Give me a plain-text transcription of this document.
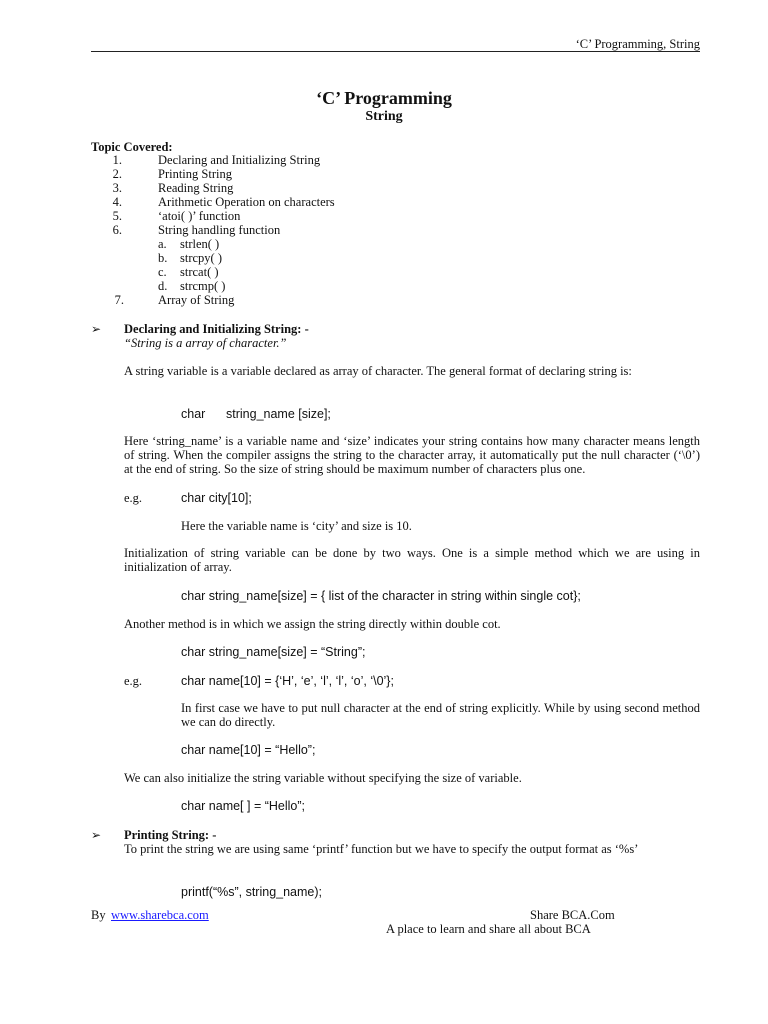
‘C’ Programming, String
‘C’ Programming
String
Topic Covered:
1.	Declaring and Initializing String
2.	Printing String
3.	Reading String
4.	Arithmetic Operation on characters
5.	‘atoi( )’ function
6.	String handling function
a. strlen( )
b. strcpy( )
c. strcat( )
d. strcmp( )
7.	Array of String
➢ Declaring and Initializing String: -
“String is a array of character.”
A string variable is a variable declared as array of character. The general format of declaring string is:
char string_name [size];
Here ‘string_name’ is a variable name and ‘size’ indicates your string contains how many character means length of string. When the compiler assigns the string to the character array, it automatically put the null character (‘\0’) at the end of string. So the size of string should be maximum number of characters plus one.
e.g.	char city[10];
Here the variable name is ‘city’ and size is 10.
Initialization of string variable can be done by two ways. One is a simple method which we are using in initialization of array.
char string_name[size] = { list of the character in string within single cot};
Another method is in which we assign the string directly within double cot.
char string_name[size] = “String”;
e.g.	char name[10] = {‘H’, ‘e’, ‘l’, ‘l’, ‘o’, ‘\0’};
In first case we have to put null character at the end of string explicitly. While by using second method we can do directly.
char name[10] = “Hello”;
We can also initialize the string variable without specifying the size of variable.
char name[ ] = “Hello”;
➢ Printing String: -
To print the string we are using same ‘printf’ function but we have to specify the output format as ‘%s’
printf(“%s”, string_name);
By www.sharebca.com	Share BCA.Com
A place to learn and share all about BCA
